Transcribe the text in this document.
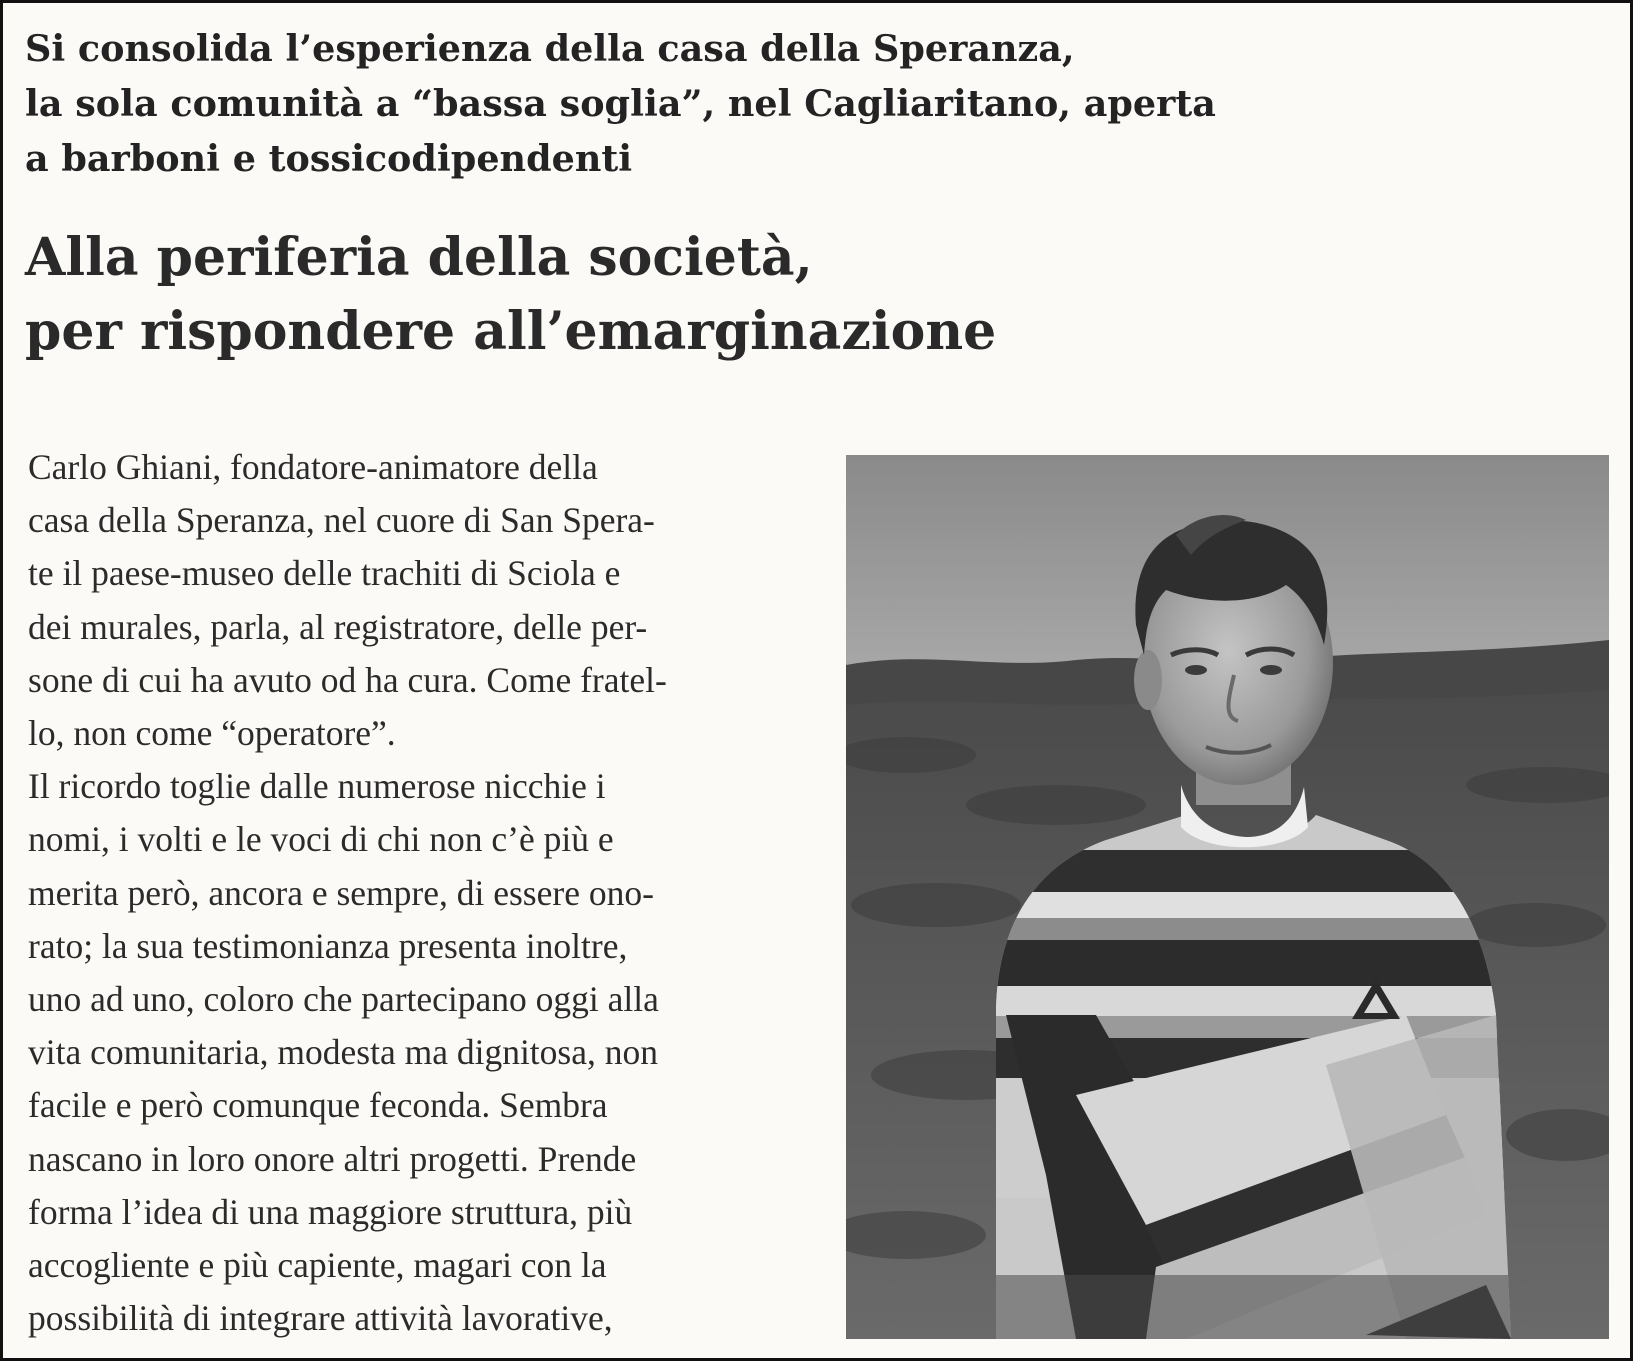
Si consolida l’esperienza della casa della Speranza,
la sola comunità a “bassa soglia”, nel Cagliaritano, aperta
a barboni e tossicodipendenti
Alla periferia della società,
per rispondere all’emarginazione
Carlo Ghiani, fondatore-animatore della
casa della Speranza, nel cuore di San Spera-
te il paese-museo delle trachiti di Sciola e
dei murales, parla, al registratore, delle per-
sone di cui ha avuto od ha cura. Come fratel-
lo, non come “operatore”.
Il ricordo toglie dalle numerose nicchie i
nomi, i volti e le voci di chi non c’è più e
merita però, ancora e sempre, di essere ono-
rato; la sua testimonianza presenta inoltre,
uno ad uno, coloro che partecipano oggi alla
vita comunitaria, modesta ma dignitosa, non
facile e però comunque feconda. Sembra
nascano in loro onore altri progetti. Prende
forma l’idea di una maggiore struttura, più
accogliente e più capiente, magari con la
possibilità di integrare attività lavorative,
